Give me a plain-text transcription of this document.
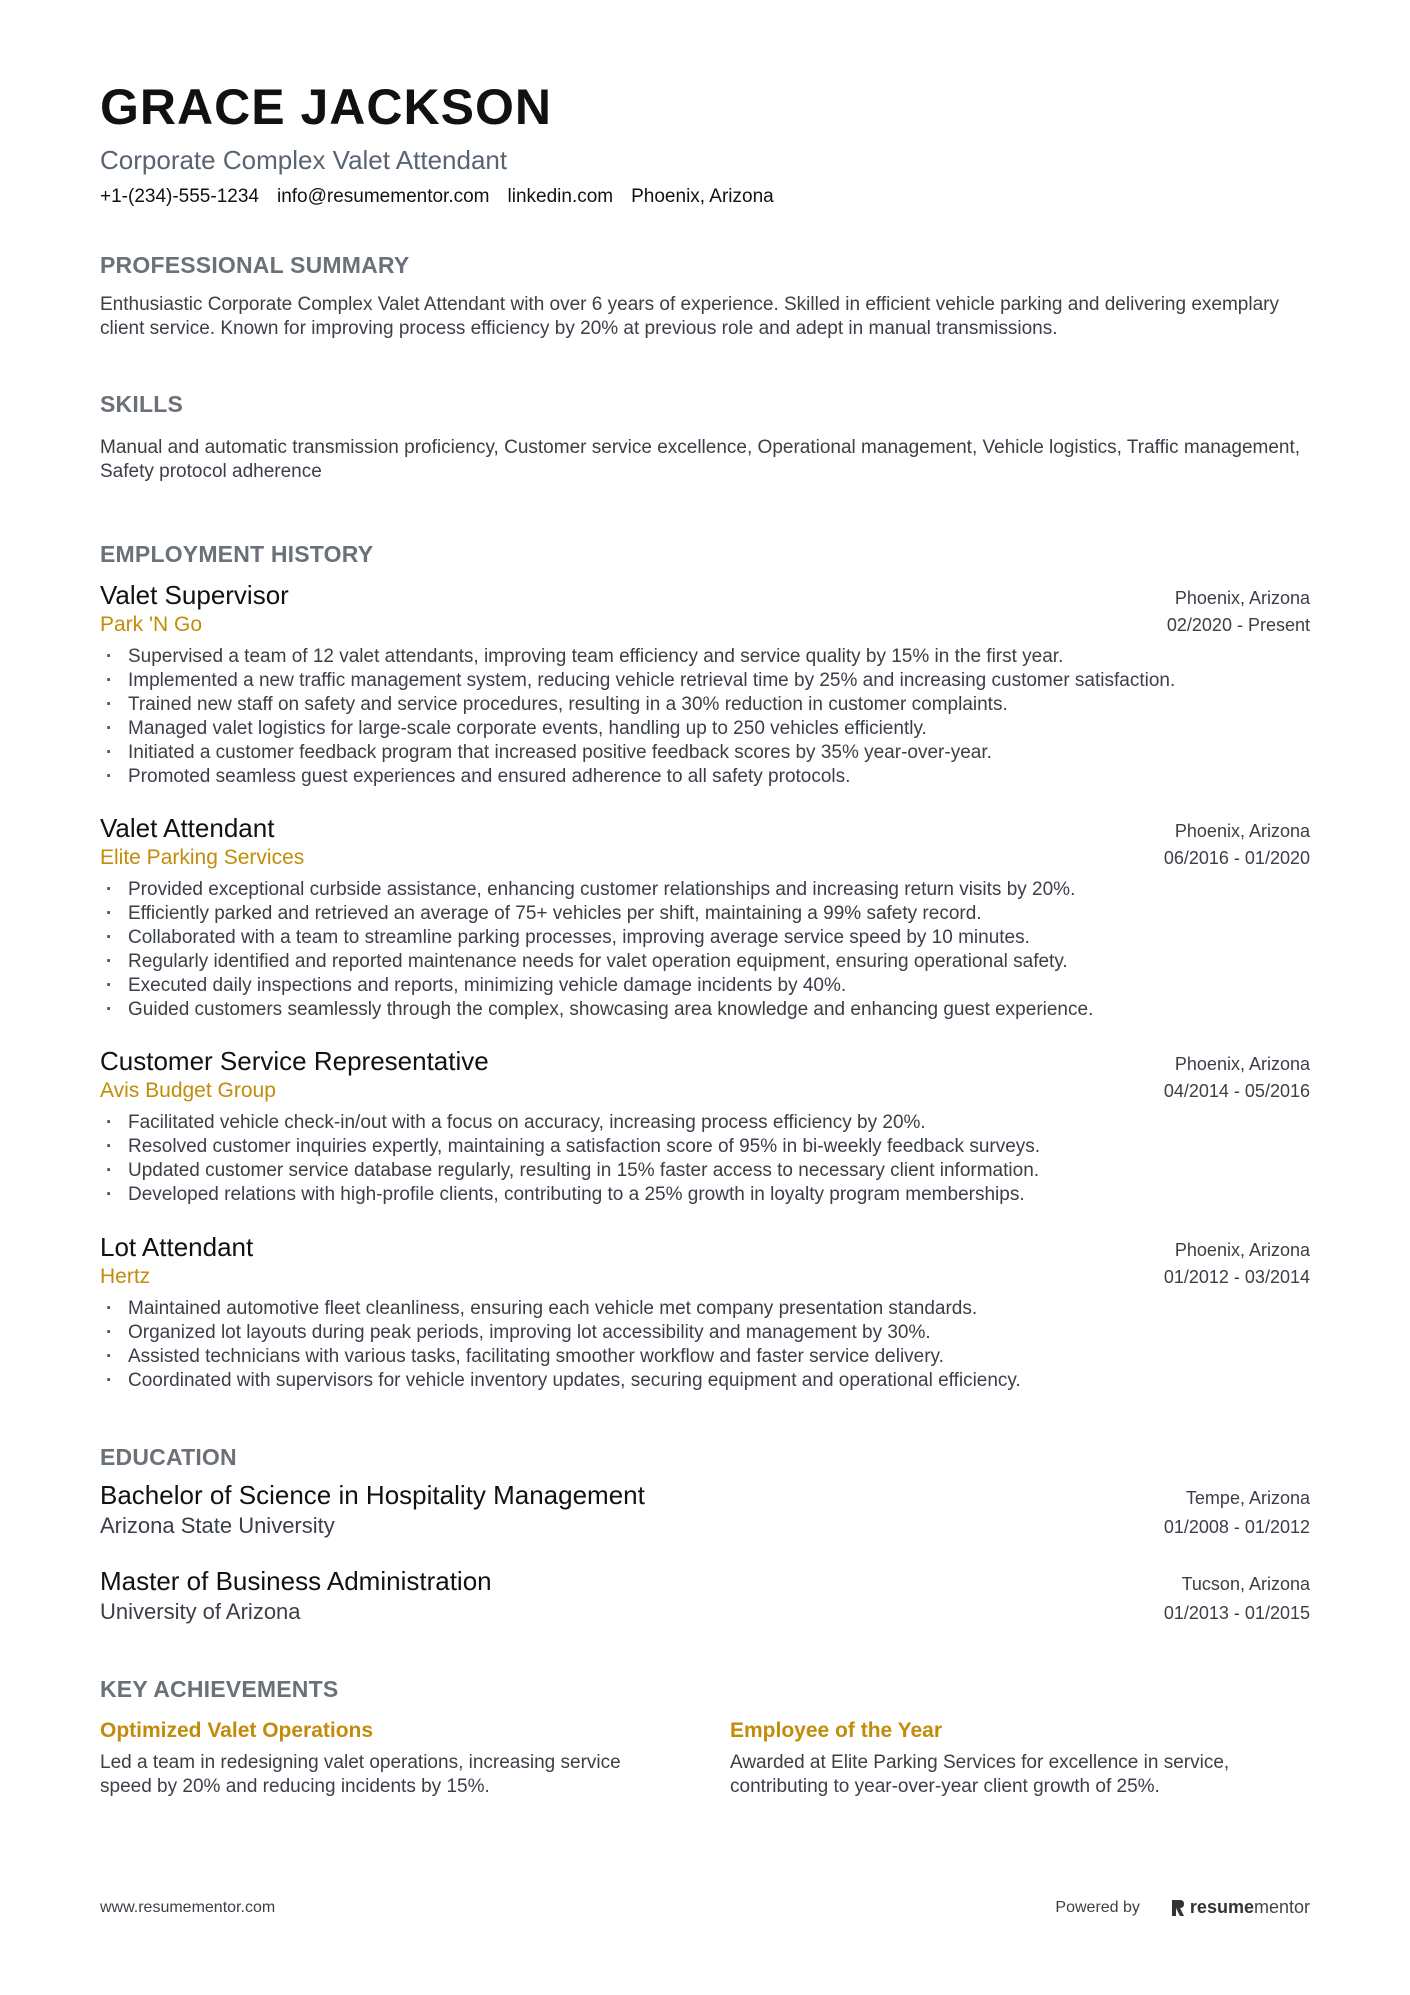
GRACE JACKSON
Corporate Complex Valet Attendant
+1-(234)-555-1234 info@resumementor.com linkedin.com Phoenix, Arizona
PROFESSIONAL SUMMARY
Enthusiastic Corporate Complex Valet Attendant with over 6 years of experience. Skilled in efficient vehicle parking and delivering exemplary client service. Known for improving process efficiency by 20% at previous role and adept in manual transmissions.
SKILLS
Manual and automatic transmission proficiency, Customer service excellence, Operational management, Vehicle logistics, Traffic management, Safety protocol adherence
EMPLOYMENT HISTORY
Valet Supervisor	Phoenix, Arizona
Park 'N Go	02/2020 - Present
· Supervised a team of 12 valet attendants, improving team efficiency and service quality by 15% in the first year.
· Implemented a new traffic management system, reducing vehicle retrieval time by 25% and increasing customer satisfaction.
· Trained new staff on safety and service procedures, resulting in a 30% reduction in customer complaints.
· Managed valet logistics for large-scale corporate events, handling up to 250 vehicles efficiently.
· Initiated a customer feedback program that increased positive feedback scores by 35% year-over-year.
· Promoted seamless guest experiences and ensured adherence to all safety protocols.
Valet Attendant	Phoenix, Arizona
Elite Parking Services	06/2016 - 01/2020
· Provided exceptional curbside assistance, enhancing customer relationships and increasing return visits by 20%.
· Efficiently parked and retrieved an average of 75+ vehicles per shift, maintaining a 99% safety record.
· Collaborated with a team to streamline parking processes, improving average service speed by 10 minutes.
· Regularly identified and reported maintenance needs for valet operation equipment, ensuring operational safety.
· Executed daily inspections and reports, minimizing vehicle damage incidents by 40%.
· Guided customers seamlessly through the complex, showcasing area knowledge and enhancing guest experience.
Customer Service Representative	Phoenix, Arizona
Avis Budget Group	04/2014 - 05/2016
· Facilitated vehicle check-in/out with a focus on accuracy, increasing process efficiency by 20%.
· Resolved customer inquiries expertly, maintaining a satisfaction score of 95% in bi-weekly feedback surveys.
· Updated customer service database regularly, resulting in 15% faster access to necessary client information.
· Developed relations with high-profile clients, contributing to a 25% growth in loyalty program memberships.
Lot Attendant	Phoenix, Arizona
Hertz	01/2012 - 03/2014
· Maintained automotive fleet cleanliness, ensuring each vehicle met company presentation standards.
· Organized lot layouts during peak periods, improving lot accessibility and management by 30%.
· Assisted technicians with various tasks, facilitating smoother workflow and faster service delivery.
· Coordinated with supervisors for vehicle inventory updates, securing equipment and operational efficiency.
EDUCATION
Bachelor of Science in Hospitality Management	Tempe, Arizona
Arizona State University	01/2008 - 01/2012
Master of Business Administration	Tucson, Arizona
University of Arizona	01/2013 - 01/2015
KEY ACHIEVEMENTS
Optimized Valet Operations
Led a team in redesigning valet operations, increasing service speed by 20% and reducing incidents by 15%.
Employee of the Year
Awarded at Elite Parking Services for excellence in service, contributing to year-over-year client growth of 25%.
www.resumementor.com	Powered by	resumementor
